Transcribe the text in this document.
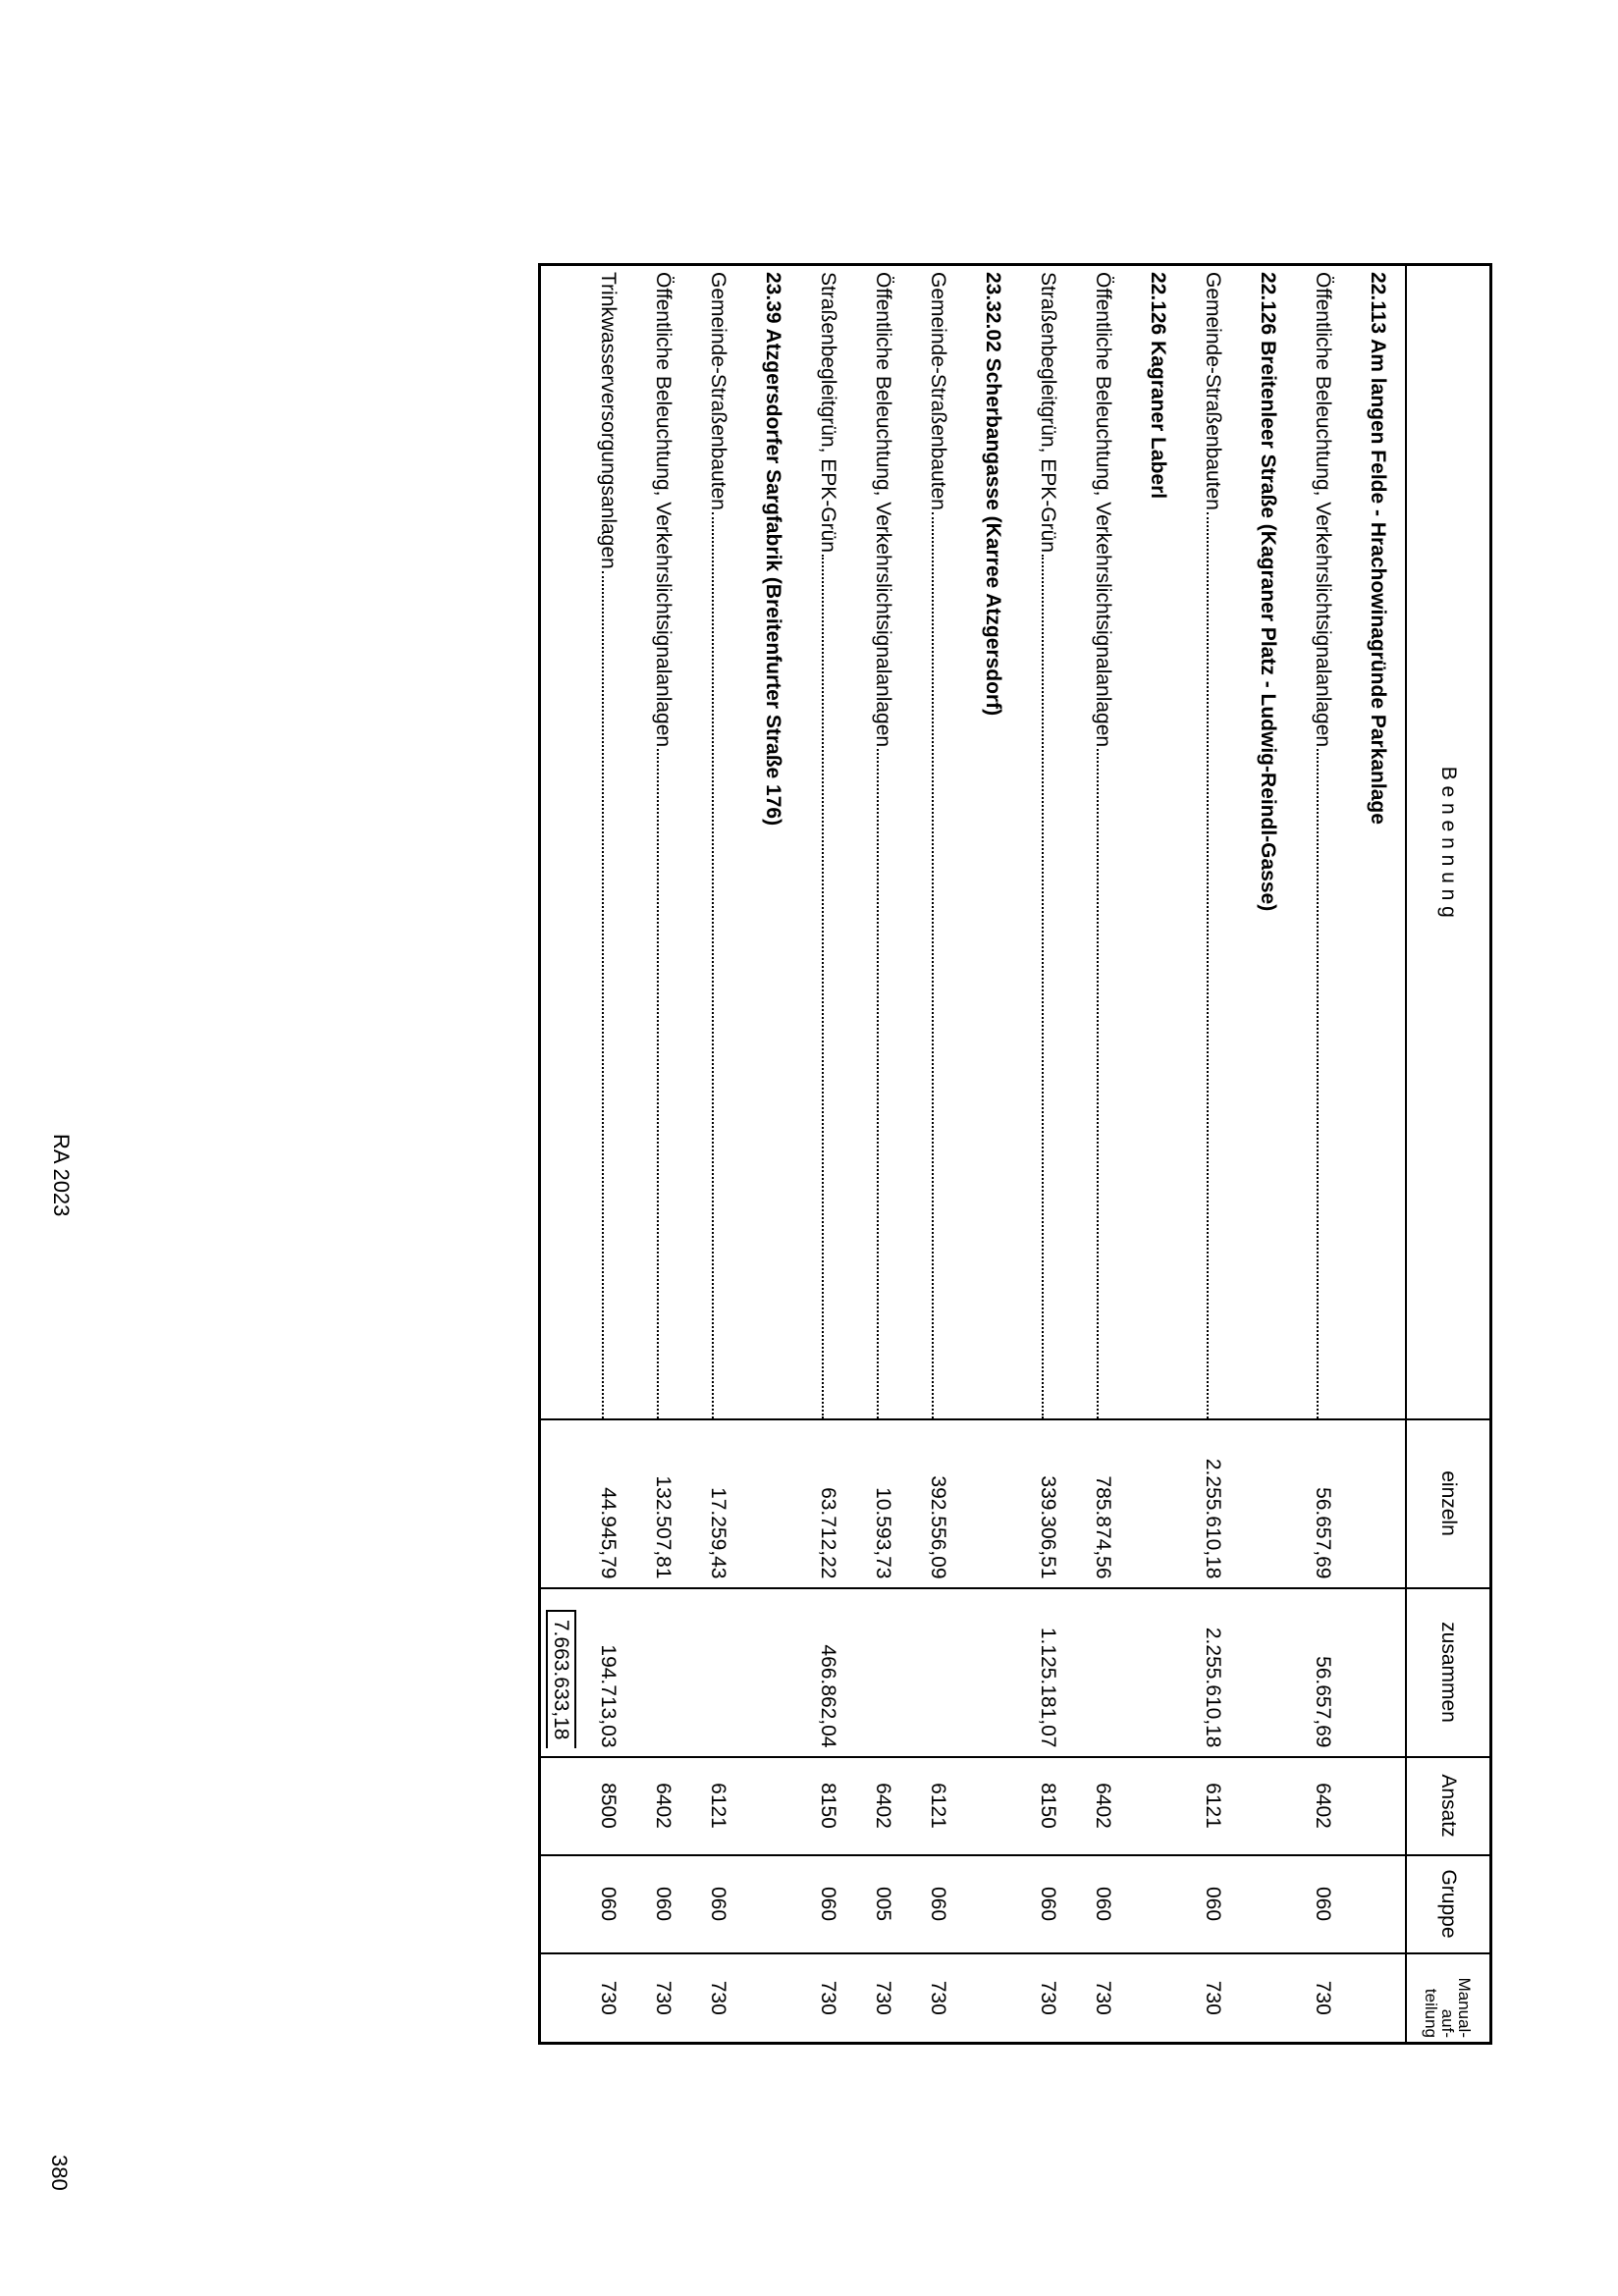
RA 2023
380
B e n e n n u n g	einzeln	zusammen	Ansatz	Gruppe	Manual-
auf-
teilung
22.113 Am langen Felde - Hrachowinagründe Parkanlage					

Öffentliche Beleuchtung, Verkehrslichtsignalanlagen	56.657,69	56.657,69	6402	060	730
22.126 Breitenleer Straße (Kagraner Platz - Ludwig-Reindl-Gasse)					

Gemeinde-Straßenbauten	2.255.610,18	2.255.610,18	6121	060	730
22.126 Kagraner Laberl					

Öffentliche Beleuchtung, Verkehrslichtsignalanlagen	785.874,56		6402	060	730

Straßenbegleitgrün, EPK-Grün	339.306,51	1.125.181,07	8150	060	730
23.32.02 Scherbangasse (Karree Atzgersdorf)					

Gemeinde-Straßenbauten	392.556,09		6121	060	730

Öffentliche Beleuchtung, Verkehrslichtsignalanlagen	10.593,73		6402	005	730

Straßenbegleitgrün, EPK-Grün	63.712,22	466.862,04	8150	060	730
23.39 Atzgersdorfer Sargfabrik (Breitenfurter Straße 176)					

Gemeinde-Straßenbauten	17.259,43		6121	060	730

Öffentliche Beleuchtung, Verkehrslichtsignalanlagen	132.507,81		6402	060	730

Trinkwasserversorgungsanlagen	44.945,79	194.713,03	8500	060	730
		7.663.633,18			
